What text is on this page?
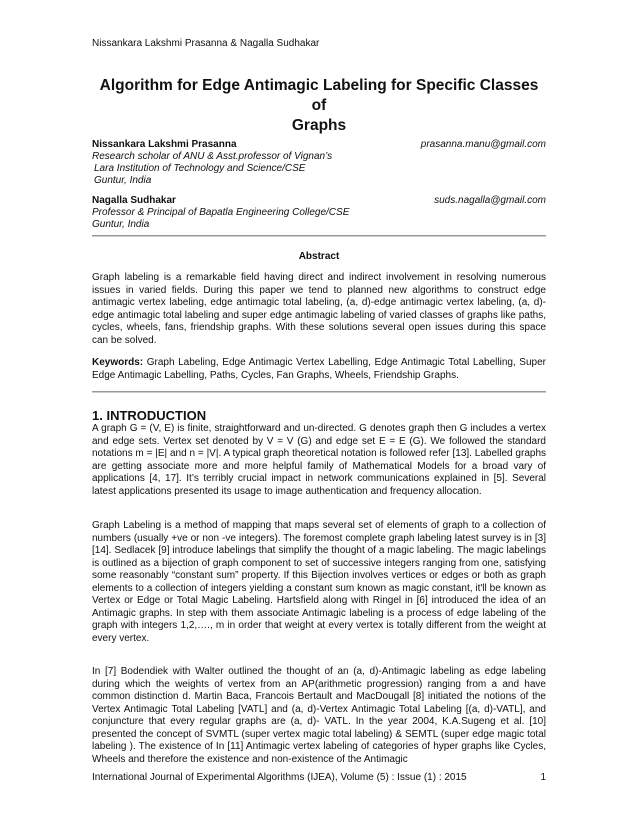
Nissankara Lakshmi Prasanna & Nagalla Sudhakar
Algorithm for Edge Antimagic Labeling for Specific Classes of
Graphs
Nissankara Lakshmi Prasanna	prasanna.manu@gmail.com
Research scholar of ANU & Asst.professor of Vignan’s
Lara Institution of Technology and Science/CSE
Guntur, India
Nagalla Sudhakar	suds.nagalla@gmail.com
Professor & Principal of Bapatla Engineering College/CSE
Guntur, India
Abstract

Graph labeling is a remarkable field having direct and indirect involvement in resolving numerous issues in varied fields. During this paper we tend to planned new algorithms to construct edge antimagic vertex labeling, edge antimagic total labeling, (a, d)-edge antimagic vertex labeling, (a, d)-edge antimagic total labeling and super edge antimagic labeling of varied classes of graphs like paths, cycles, wheels, fans, friendship graphs. With these solutions several open issues during this space can be solved.

Keywords: Graph Labeling, Edge Antimagic Vertex Labelling, Edge Antimagic Total Labelling, Super Edge Antimagic Labelling, Paths, Cycles, Fan Graphs, Wheels, Friendship Graphs.

1. INTRODUCTION

A graph G = (V, E) is finite, straightforward and un-directed. G denotes graph then G includes a vertex and edge sets. Vertex set denoted by V = V (G) and edge set E = E (G). We followed the standard notations m = |E| and n = |V|. A typical graph theoretical notation is followed refer [13]. Labelled graphs are getting associate more and more helpful family of Mathematical Models for a broad vary of applications [4, 17]. It’s terribly crucial impact in network communications explained in [5]. Several latest applications presented its usage to image authentication and frequency allocation.

Graph Labeling is a method of mapping that maps several set of elements of graph to a collection of numbers (usually +ve or non -ve integers). The foremost complete graph labeling latest survey is in [3] [14]. Sedlacek [9] introduce labelings that simplify the thought of a magic labeling. The magic labelings is outlined as a bijection of graph component to set of successive integers ranging from one, satisfying some reasonably “constant sum” property. If this Bijection involves vertices or edges or both as graph elements to a collection of integers yielding a constant sum known as magic constant, it'll be known as Vertex or Edge or Total Magic Labeling. Hartsfield along with Ringel in [6] introduced the idea of an Antimagic graphs. In step with them associate Antimagic labeling is a process of edge labeling of the graph with integers 1,2,…., m in order that weight at every vertex is totally different from the weight at every vertex.

In [7] Bodendiek with Walter outlined the thought of an (a, d)-Antimagic labeling as edge labeling during which the weights of vertex from an AP(arithmetic progression) ranging from a and have common distinction d. Martin Baca, Francois Bertault and MacDougall [8] initiated the notions of the Vertex Antimagic Total Labeling [VATL] and (a, d)-Vertex Antimagic Total Labeling [(a, d)-VATL], and conjuncture that every regular graphs are (a, d)- VATL. In the year 2004, K.A.Sugeng et al. [10] presented the concept of SVMTL (super vertex magic total labeling) & SEMTL (super edge magic total labeling ). The existence of In [11] Antimagic vertex labeling of categories of hyper graphs like Cycles, Wheels and therefore the existence and non-existence of the Antimagic

International Journal of Experimental Algorithms (IJEA), Volume (5) : Issue (1) : 2015	1
